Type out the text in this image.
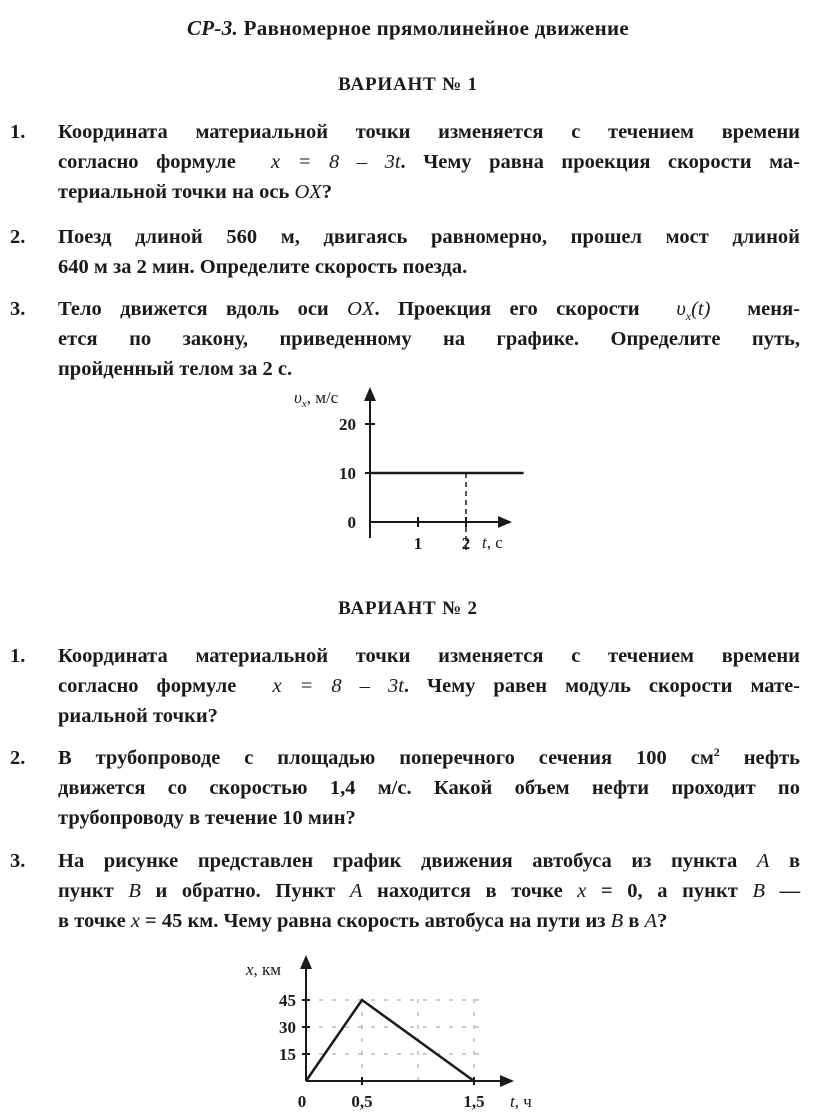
СР-3. Равномерное прямолинейное движение
ВАРИАНТ № 1
1.	Координата материальной точки изменяется с течением времени

согласно формуле x = 8 – 3t. Чему равна проекция скорости ма-

териальной точки на ось OX?

2.	Поезд длиной 560 м, двигаясь равномерно, прошел мост длиной

640 м за 2 мин. Определите скорость поезда.

3.	Тело движется вдоль оси OX. Проекция его скорости $\upsilon_x(t)$ меня-

ется по закону, приведенному на графике. Определите путь,

пройденный телом за 2 с.

$\upsilon_x$, м/с
0
10
20
1 2 t, с
ВАРИАНТ № 2
1.	Координата материальной точки изменяется с течением времени

согласно формуле x = 8 – 3t. Чему равен модуль скорости мате-

риальной точки?

2.	В трубопроводе с площадью поперечного сечения 100 $см^2$ нефть

движется со скоростью 1,4 м/с. Какой объем нефти проходит по

трубопроводу в течение 10 мин?

3.	На рисунке представлен график движения автобуса из пункта A в

пункт B и обратно. Пункт A находится в точке x = 0, а пункт B —

в точке x = 45 км. Чему равна скорость автобуса на пути из B в A?

x, км
15
30
45
0,5	1,5
0	t, ч
